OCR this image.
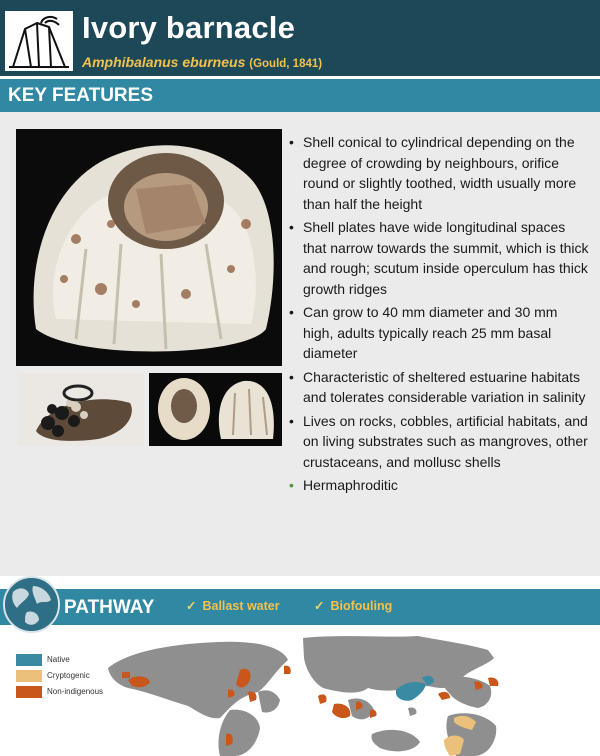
Ivory barnacle
Amphibalanus eburneus (Gould, 1841)
KEY FEATURES
• Shell conical to cylindrical depending on the degree of crowding by neighbours, orifice round or slightly toothed, width usually more than half the height
• Shell plates have wide longitudinal spaces that narrow towards the summit, which is thick and rough; scutum inside operculum has thick growth ridges
• Can grow to 40 mm diameter and 30 mm high, adults typically reach 25 mm basal diameter
• Characteristic of sheltered estuarine habitats and tolerates considerable variation in salinity
• Lives on rocks, cobbles, artificial habitats, and on living substrates such as mangroves, other crustaceans, and mollusc shells
• Hermaphroditic
PATHWAY	✓ Ballast water	✓ Biofouling
Native
Cryptogenic
Non-indigenous
